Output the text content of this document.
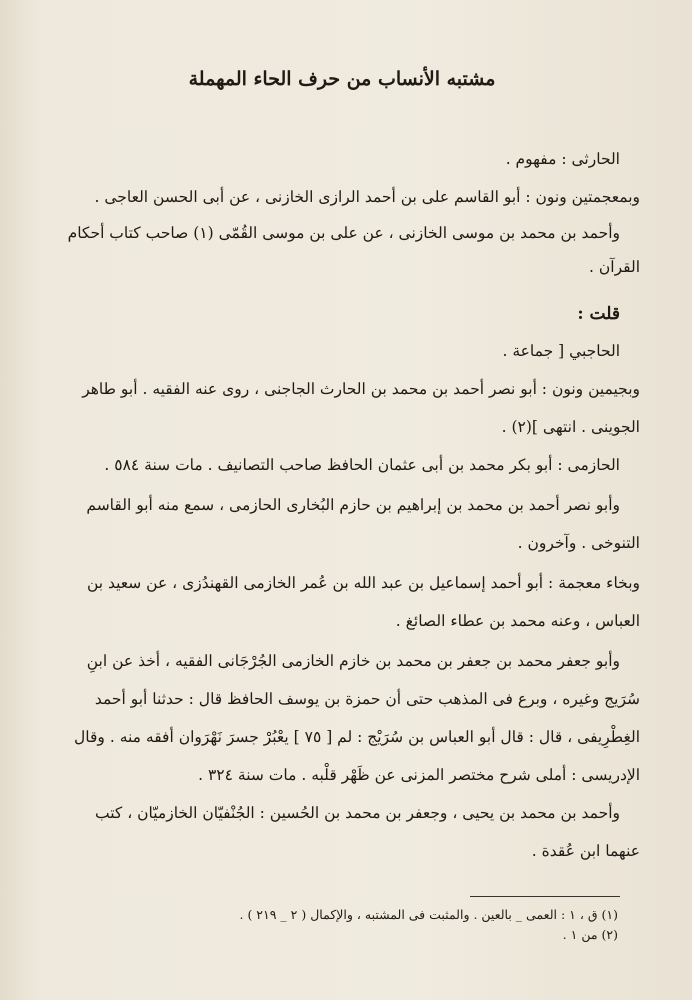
مشتبه الأنساب من حرف الحاء المهملة
الحارثى : مفهوم .
وبمعجمتين ونون : أبو القاسم على بن أحمد الرازى الخازنى ، عن أبى الحسن العاجى .
وأحمد بن محمد بن موسى الخازنى ، عن على بن موسى القُمّى (١) صاحب كتاب أحكام
القرآن .
قلت :
الحاجبي [ جماعة .
وبجيمين ونون : أبو نصر أحمد بن محمد بن الحارث الجاجنى ، روى عنه الفقيه . أبو طاهر
الجوينى . انتهى ](٢) .
الحازمى : أبو بكر محمد بن أبى عثمان الحافظ صاحب التصانيف . مات سنة ٥٨٤ .
وأبو نصر أحمد بن محمد بن إبراهيم بن حازم البُخارى الحازمى ، سمع منه أبو القاسم
التنوخى . وآخرون .
وبخاء معجمة : أبو أحمد إسماعيل بن عبد الله بن عُمر الخازمى القهندُزى ، عن سعيد بن
العباس ، وعنه محمد بن عطاء الصائغ .
وأبو جعفر محمد بن جعفر بن محمد بن خازم الخازمى الجُرْجَانى الفقيه ، أخذ عن ابنِ
سُرَيج وغيره ، وبرع فى المذهب حتى أن حمزة بن يوسف الحافظ قال : حدثنا أبو أحمد
الغِطْرِيفى ، قال : قال أبو العباس بن سُرَيْج : لم [ ٧٥ ] يعْبُرْ جسرَ نَهْرَوان أفقه منه . وقال
الإدريسى : أملى شرح مختصر المزنى عن ظَهْر قلْبه . مات سنة ٣٢٤ .
وأحمد بن محمد بن يحيى ، وجعفر بن محمد بن الحُسين : الجُنْفيّان الخازميّان ، كتب
عنهما ابن عُقدة .
(١) ق ، ١ : العمى _ بالعين . والمثبت فى المشتبه ، والإكمال ( ٢ _ ٢١٩ ) .
(٢) من ١ .
